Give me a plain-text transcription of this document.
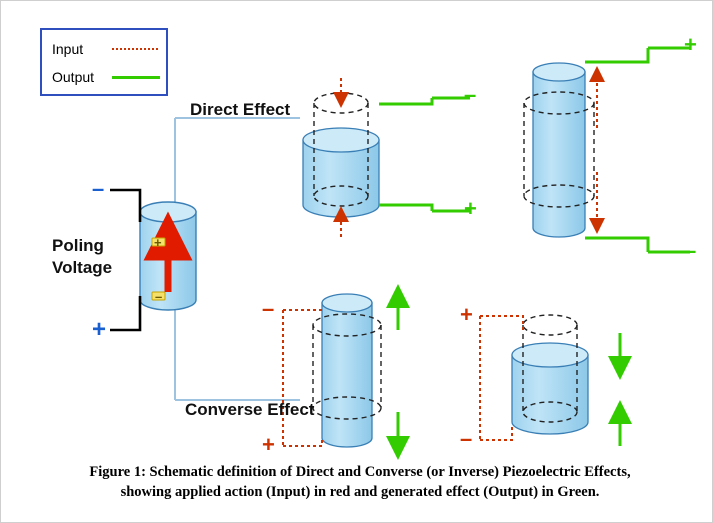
Input
Output
Direct Effect
Converse Effect
Poling
Voltage
–
+
+
–
–
+
+
–
–
+
+
–
Figure 1: Schematic definition of Direct and Converse (or Inverse) Piezoelectric Effects,
showing applied action (Input) in red and generated effect (Output) in Green.
